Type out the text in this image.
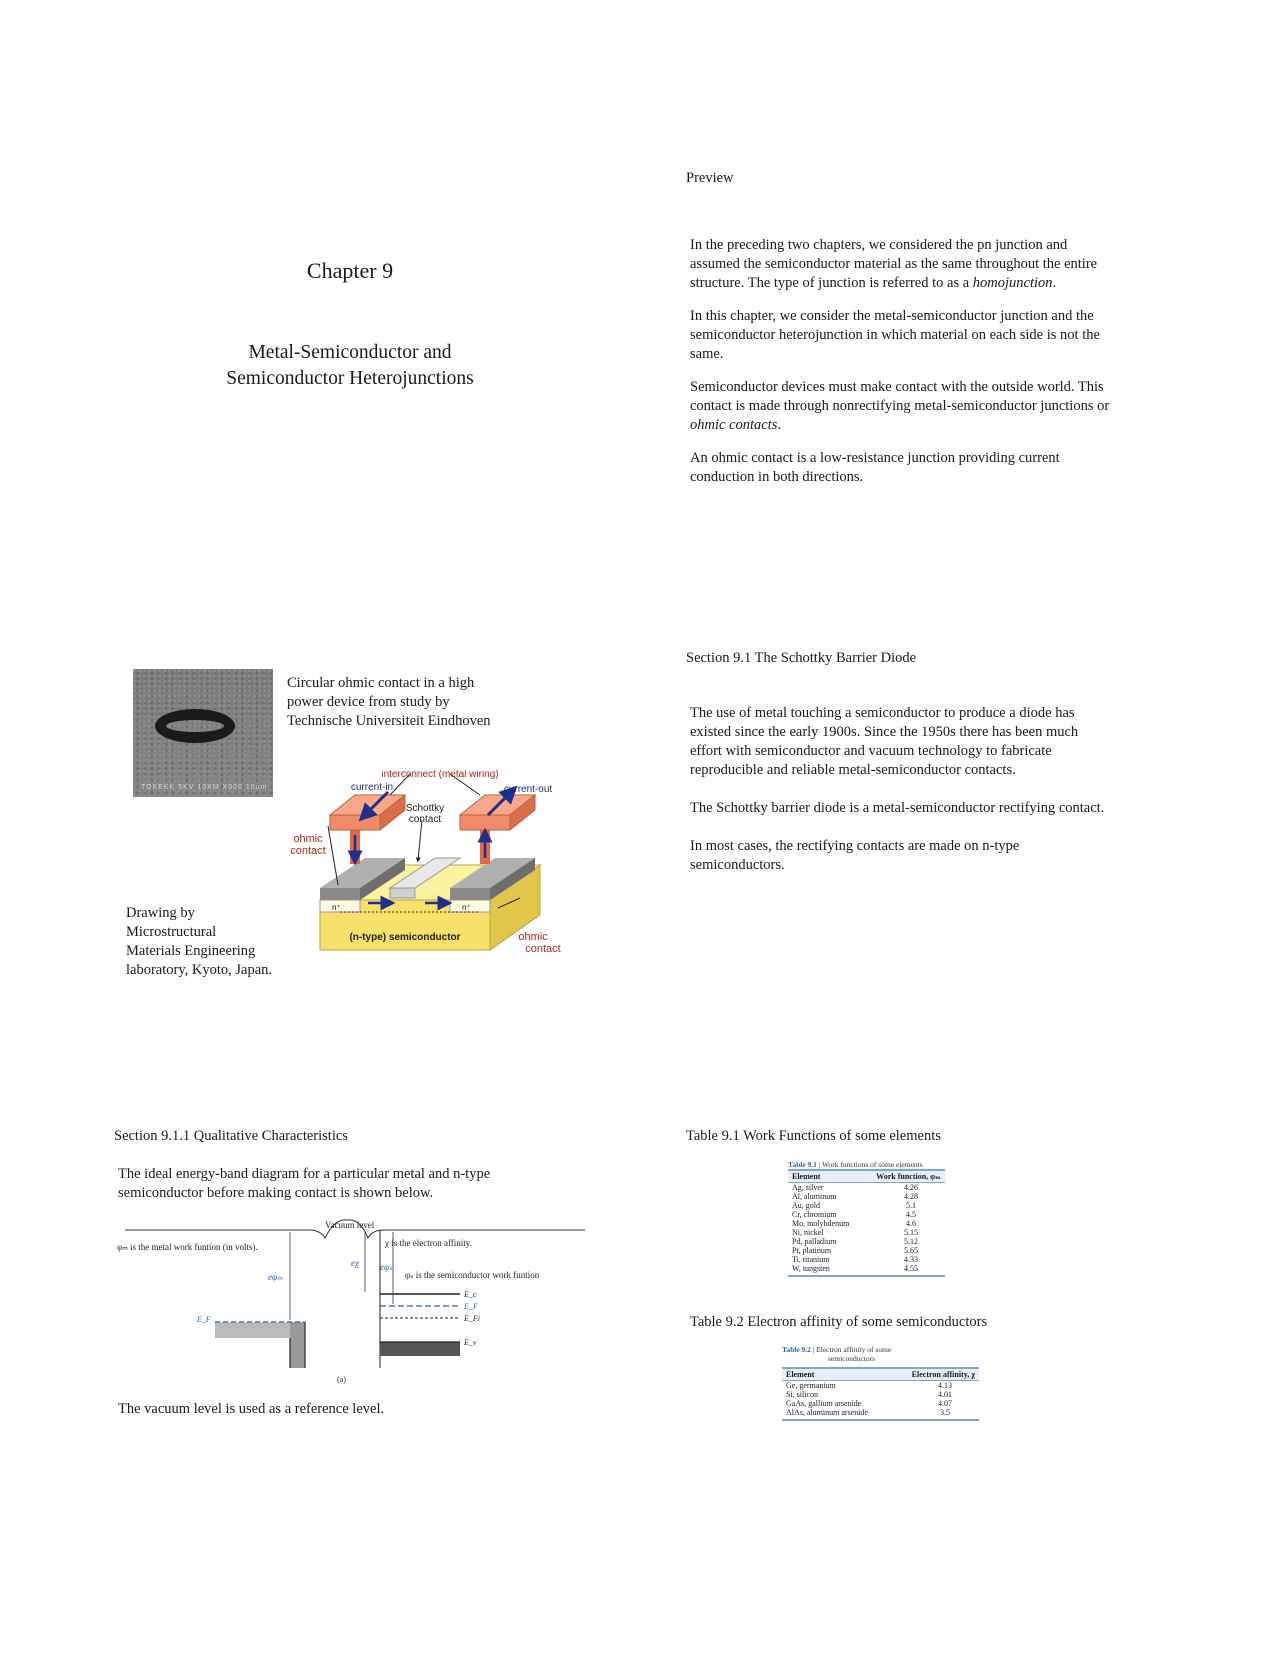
Chapter 9
Metal-Semiconductor and
Semiconductor Heterojunctions
Preview

In the preceding two chapters, we considered the pn junction and

assumed the semiconductor material as the same throughout the entire

structure. The type of junction is referred to as a homojunction.

In this chapter, we consider the metal-semiconductor junction and the

semiconductor heterojunction in which material on each side is not the

same.

Semiconductor devices must make contact with the outside world. This

contact is made through nonrectifying metal-semiconductor junctions or

ohmic contacts.

An ohmic contact is a low-resistance junction providing current

conduction in both directions.

TOKEKK 5KV 10KM X000 10um

Circular ohmic contact in a high

power device from study by

Technische Universiteit Eindhoven

Drawing by

Microstructural

Materials Engineering

laboratory, Kyoto, Japan.

interconnect (metal wiring)
current-in	current-out
Schottky
contact
ohmic
contact
ohmic
contact
n⁺	n⁺
(n-type) semiconductor
Section 9.1 The Schottky Barrier Diode

The use of metal touching a semiconductor to produce a diode has

existed since the early 1900s. Since the 1950s there has been much

effort with semiconductor and vacuum technology to fabricate

reproducible and reliable metal-semiconductor contacts.

The Schottky barrier diode is a metal-semiconductor rectifying contact.

In most cases, the rectifying contacts are made on n-type

semiconductors.

Section 9.1.1 Qualitative Characteristics

The ideal energy-band diagram for a particular metal and n-type

semiconductor before making contact is shown below.

φₘ is the metal work funtion (in volts).
Vacuum level
χ is the electron affinity.
φₛ is the semiconductor work funtion
eφₘ
eχ eφₛ
E_F
E_c
E_F
E_Fi
E_v
(a)

The vacuum level is used as a reference level.

Table 9.1 Work Functions of some elements
Table 9.1 | Work functions of some elements
Element	Work function, φₘ
Ag, silver	4.26
Al, aluminum	4.28
Au, gold	5.1
Cr, chromium	4.5
Mo, molybdenum	4.6
Ni, nickel	5.15
Pd, palladium	5.12
Pt, platinum	5.65
Ti, titanium	4.33
W, tungsten	4.55
Table 9.2 Electron affinity of some semiconductors
Table 9.2 | Electron affinity of some
semiconductors
Element	Electron affinity, χ
Ge, germanium	4.13
Si, silicon	4.01
GaAs, gallium arsenide	4.07
AlAs, aluminum arsenide	3.5
